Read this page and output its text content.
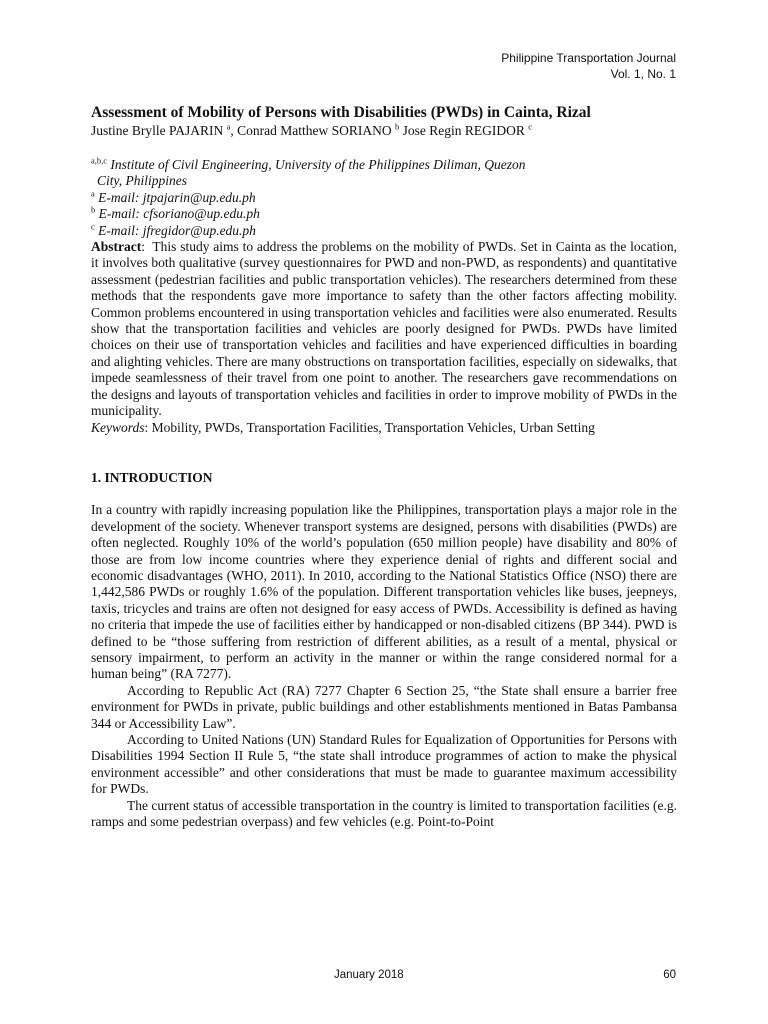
Philippine Transportation Journal
Vol. 1, No. 1
Assessment of Mobility of Persons with Disabilities (PWDs) in Cainta, Rizal
Justine Brylle PAJARIN $^a$, Conrad Matthew SORIANO $^b$ Jose Regin REGIDOR $^c$
$^{a,b,c}$ Institute of Civil Engineering, University of the Philippines Diliman, Quezon
City, Philippines
$^a$ E-mail: jtpajarin@up.edu.ph
$^b$ E-mail: cfsoriano@up.edu.ph
$^c$ E-mail: jfregidor@up.edu.ph

Abstract:  This study aims to address the problems on the mobility of PWDs. Set in Cainta as the location, it involves both qualitative (survey questionnaires for PWD and non-PWD, as respondents) and quantitative assessment (pedestrian facilities and public transportation vehicles). The researchers determined from these methods that the respondents gave more importance to safety than the other factors affecting mobility. Common problems encountered in using transportation vehicles and facilities were also enumerated. Results show that the transportation facilities and vehicles are poorly designed for PWDs. PWDs have limited choices on their use of transportation vehicles and facilities and have experienced difficulties in boarding and alighting vehicles. There are many obstructions on transportation facilities, especially on sidewalks, that impede seamlessness of their travel from one point to another. The researchers gave recommendations on the designs and layouts of transportation vehicles and facilities in order to improve mobility of PWDs in the municipality.

Keywords: Mobility, PWDs, Transportation Facilities, Transportation Vehicles, Urban Setting

1. INTRODUCTION

In a country with rapidly increasing population like the Philippines, transportation plays a major role in the development of the society. Whenever transport systems are designed, persons with disabilities (PWDs) are often neglected. Roughly 10% of the world’s population (650 million people) have disability and 80% of those are from low income countries where they experience denial of rights and different social and economic disadvantages (WHO, 2011). In 2010, according to the National Statistics Office (NSO) there are 1,442,586 PWDs or roughly 1.6% of the population. Different transportation vehicles like buses, jeepneys, taxis, tricycles and trains are often not designed for easy access of PWDs. Accessibility is defined as having no criteria that impede the use of facilities either by handicapped or non-disabled citizens (BP 344). PWD is defined to be “those suffering from restriction of different abilities, as a result of a mental, physical or sensory impairment, to perform an activity in the manner or within the range considered normal for a human being” (RA 7277).

According to Republic Act (RA) 7277 Chapter 6 Section 25, “the State shall ensure a barrier free environment for PWDs in private, public buildings and other establishments mentioned in Batas Pambansa 344 or Accessibility Law”.

According to United Nations (UN) Standard Rules for Equalization of Opportunities for Persons with Disabilities 1994 Section II Rule 5, “the state shall introduce programmes of action to make the physical environment accessible” and other considerations that must be made to guarantee maximum accessibility for PWDs.

The current status of accessible transportation in the country is limited to transportation facilities (e.g. ramps and some pedestrian overpass) and few vehicles (e.g. Point-to-Point

January 2018	60
